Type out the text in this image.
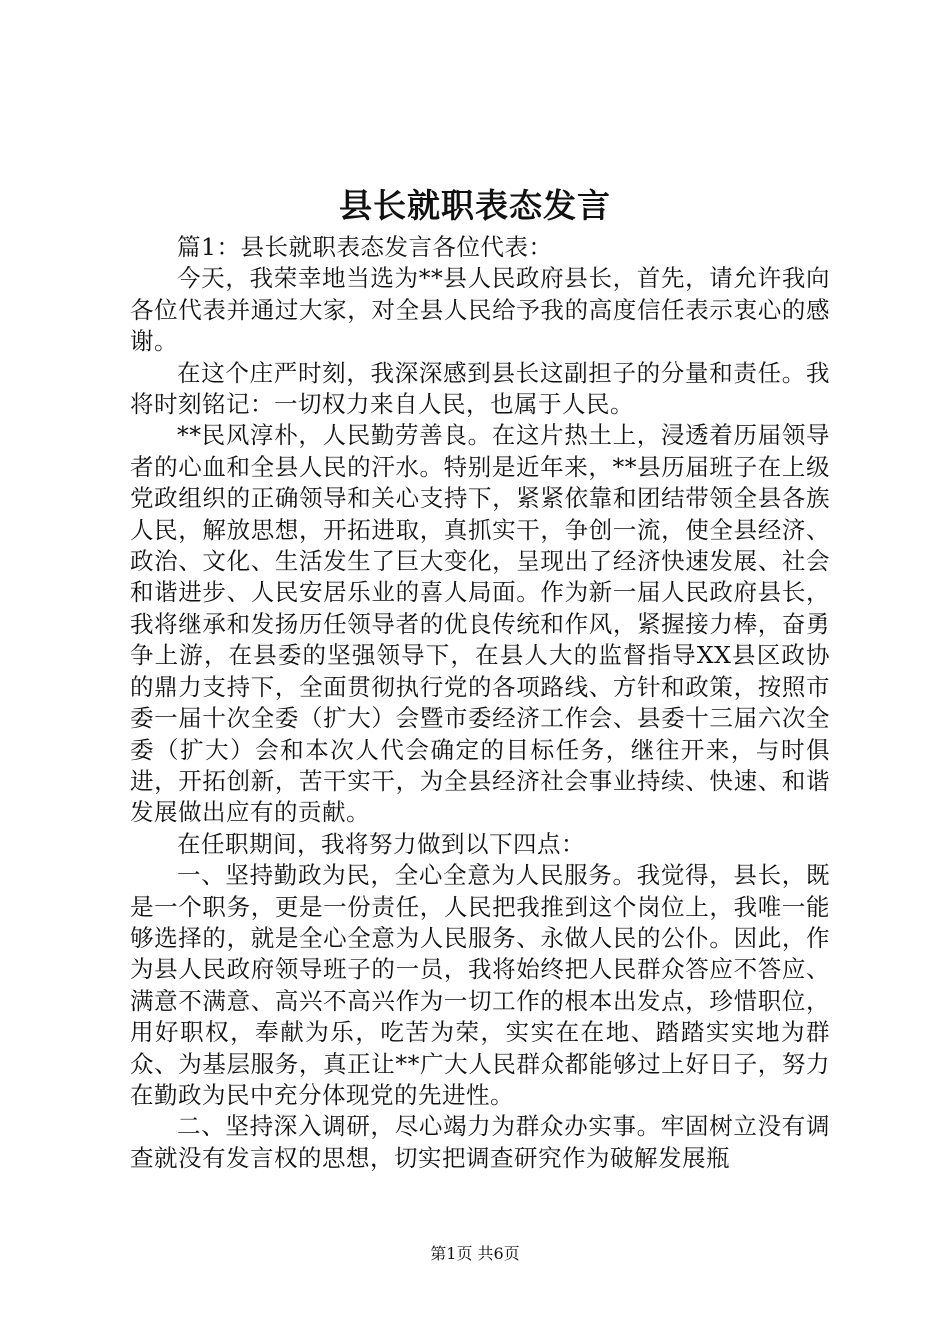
县长就职表态发言

篇1：县长就职表态发言各位代表：

今天，我荣幸地当选为**县人民政府县长，首先，请允许我向各位代表并通过大家，对全县人民给予我的高度信任表示衷心的感谢。

在这个庄严时刻，我深深感到县长这副担子的分量和责任。我将时刻铭记：一切权力来自人民，也属于人民。

**民风淳朴，人民勤劳善良。在这片热土上，浸透着历届领导者的心血和全县人民的汗水。特别是近年来，**县历届班子在上级党政组织的正确领导和关心支持下，紧紧依靠和团结带领全县各族人民，解放思想，开拓进取，真抓实干，争创一流，使全县经济、政治、文化、生活发生了巨大变化，呈现出了经济快速发展、社会和谐进步、人民安居乐业的喜人局面。作为新一届人民政府县长，我将继承和发扬历任领导者的优良传统和作风，紧握接力棒，奋勇争上游，在县委的坚强领导下，在县人大的监督指导XX县区政协的鼎力支持下，全面贯彻执行党的各项路线、方针和政策，按照市委一届十次全委（扩大）会暨市委经济工作会、县委十三届六次全委（扩大）会和本次人代会确定的目标任务，继往开来，与时俱进，开拓创新，苦干实干，为全县经济社会事业持续、快速、和谐发展做出应有的贡献。

在任职期间，我将努力做到以下四点：

一、坚持勤政为民，全心全意为人民服务。我觉得，县长，既是一个职务，更是一份责任，人民把我推到这个岗位上，我唯一能够选择的，就是全心全意为人民服务、永做人民的公仆。因此，作为县人民政府领导班子的一员，我将始终把人民群众答应不答应、满意不满意、高兴不高兴作为一切工作的根本出发点，珍惜职位，用好职权，奉献为乐，吃苦为荣，实实在在地、踏踏实实地为群众、为基层服务，真正让**广大人民群众都能够过上好日子，努力在勤政为民中充分体现党的先进性。

二、坚持深入调研，尽心竭力为群众办实事。牢固树立没有调查就没有发言权的思想，切实把调查研究作为破解发展瓶

第1页 共6页
